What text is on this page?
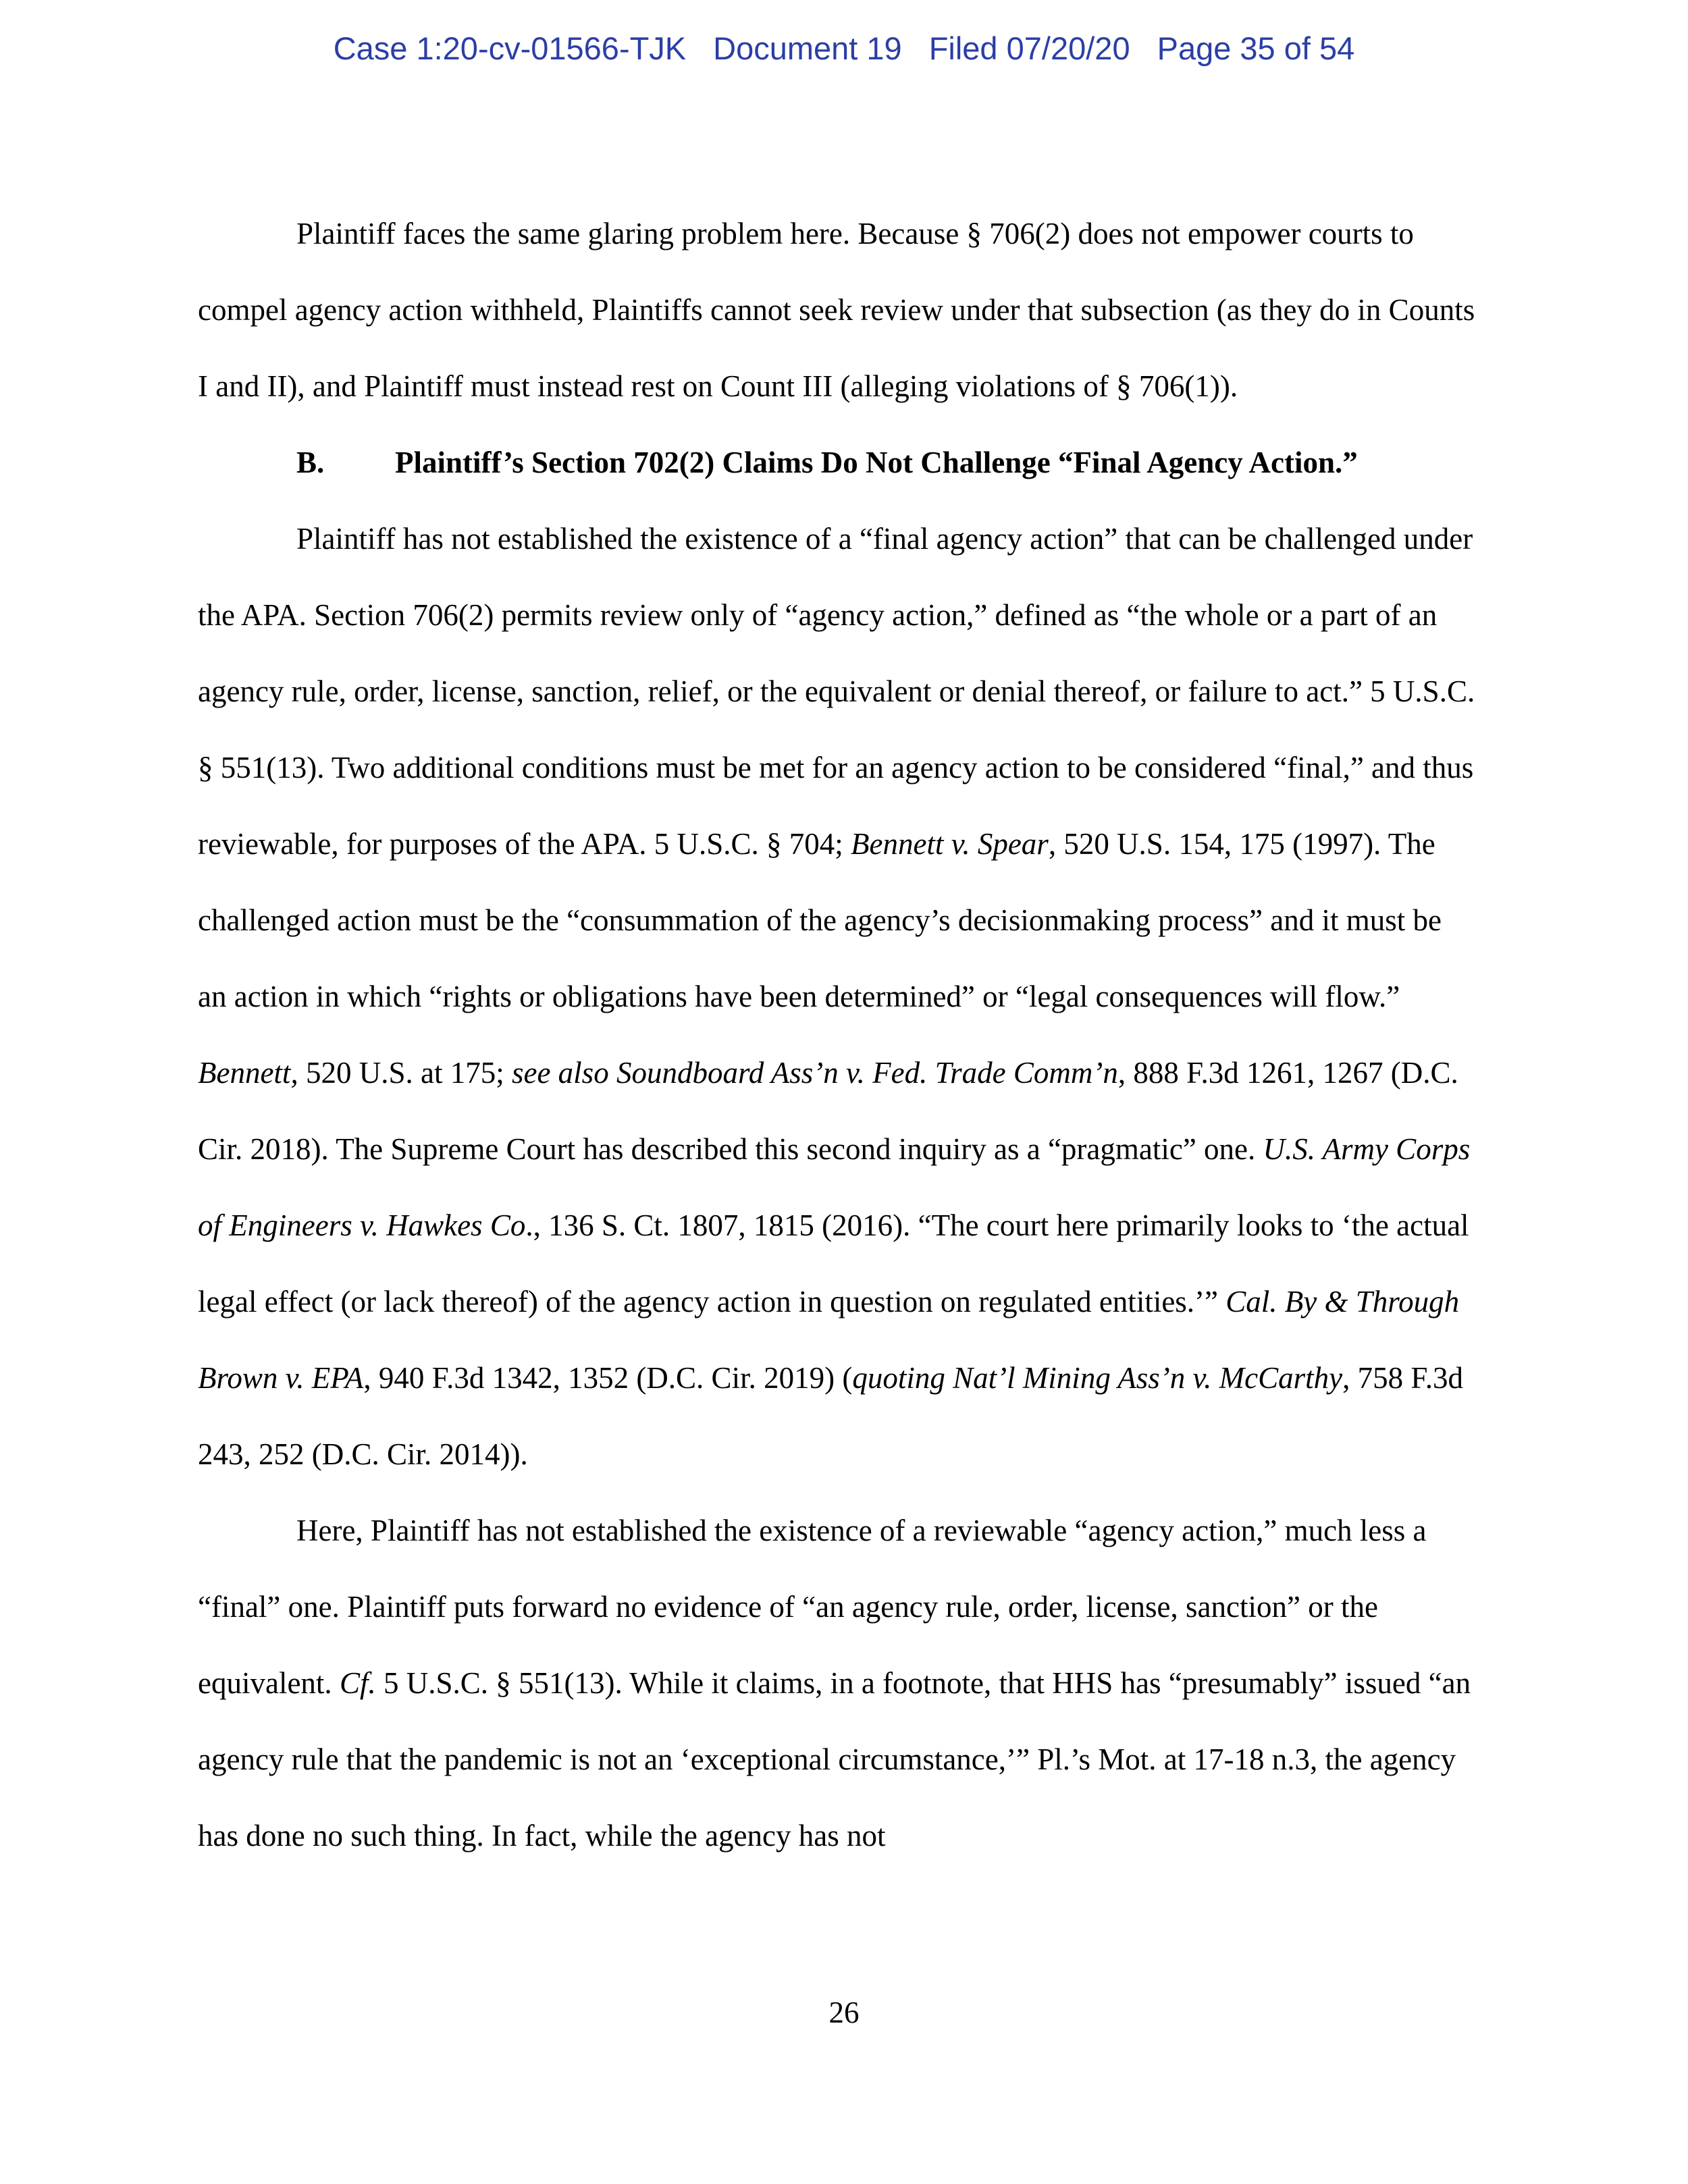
Case 1:20-cv-01566-TJK Document 19 Filed 07/20/20 Page 35 of 54

Plaintiff faces the same glaring problem here. Because § 706(2) does not empower courts to compel agency action withheld, Plaintiffs cannot seek review under that subsection (as they do in Counts I and II), and Plaintiff must instead rest on Count III (alleging violations of § 706(1)).

B. Plaintiff’s Section 702(2) Claims Do Not Challenge “Final Agency Action.”

Plaintiff has not established the existence of a “final agency action” that can be challenged under the APA. Section 706(2) permits review only of “agency action,” defined as “the whole or a part of an agency rule, order, license, sanction, relief, or the equivalent or denial thereof, or failure to act.” 5 U.S.C. § 551(13). Two additional conditions must be met for an agency action to be considered “final,” and thus reviewable, for purposes of the APA. 5 U.S.C. § 704; Bennett v. Spear, 520 U.S. 154, 175 (1997). The challenged action must be the “consummation of the agency’s decisionmaking process” and it must be an action in which “rights or obligations have been determined” or “legal consequences will flow.” Bennett, 520 U.S. at 175; see also Soundboard Ass’n v. Fed. Trade Comm’n, 888 F.3d 1261, 1267 (D.C. Cir. 2018). The Supreme Court has described this second inquiry as a “pragmatic” one. U.S. Army Corps of Engineers v. Hawkes Co., 136 S. Ct. 1807, 1815 (2016). “The court here primarily looks to ‘the actual legal effect (or lack thereof) of the agency action in question on regulated entities.’” Cal. By & Through Brown v. EPA, 940 F.3d 1342, 1352 (D.C. Cir. 2019) (quoting Nat’l Mining Ass’n v. McCarthy, 758 F.3d 243, 252 (D.C. Cir. 2014)).

Here, Plaintiff has not established the existence of a reviewable “agency action,” much less a “final” one. Plaintiff puts forward no evidence of “an agency rule, order, license, sanction” or the equivalent. Cf. 5 U.S.C. § 551(13). While it claims, in a footnote, that HHS has “presumably” issued “an agency rule that the pandemic is not an ‘exceptional circumstance,’” Pl.’s Mot. at 17-18 n.3, the agency has done no such thing. In fact, while the agency has not

26
